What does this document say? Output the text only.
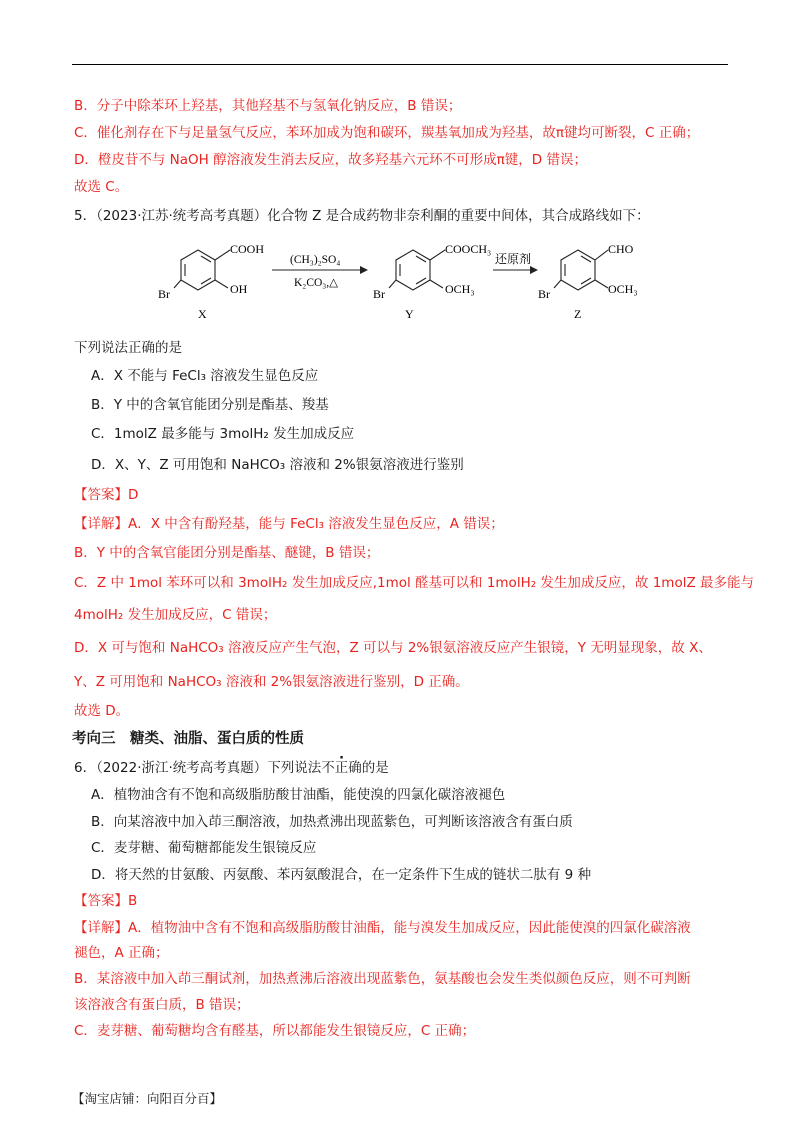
B．分子中除苯环上羟基，其他羟基不与氢氧化钠反应，B 错误；
C．催化剂存在下与足量氢气反应，苯环加成为饱和碳环，羰基氧加成为羟基，故π键均可断裂，C 正确；
D．橙皮苷不与 NaOH 醇溶液发生消去反应，故多羟基六元环不可形成π键，D 错误；
故选 C。
5．（2023·江苏·统考高考真题）化合物 Z 是合成药物非奈利酮的重要中间体，其合成路线如下：
COOH
OH
Br
X
(CH₃)₂SO₄
K₂CO₃,△
COOCH₃
OCH₃
Br
Y
还原剂
CHO
OCH₃
Br
Z
下列说法正确的是
A．X 不能与 FeCl₃ 溶液发生显色反应
B．Y 中的含氧官能团分别是酯基、羧基
C．1molZ 最多能与 3molH₂ 发生加成反应
D．X、Y、Z 可用饱和 NaHCO₃ 溶液和 2%银氨溶液进行鉴别
【答案】D
【详解】A．X 中含有酚羟基，能与 FeCl₃ 溶液发生显色反应，A 错误；
B．Y 中的含氧官能团分别是酯基、醚键，B 错误；
C．Z 中 1mol 苯环可以和 3molH₂ 发生加成反应,1mol 醛基可以和 1molH₂ 发生加成反应，故 1molZ 最多能与
4molH₂ 发生加成反应，C 错误；
D．X 可与饱和 NaHCO₃ 溶液反应产生气泡，Z 可以与 2%银氨溶液反应产生银镜，Y 无明显现象，故 X、
Y、Z 可用饱和 NaHCO₃ 溶液和 2%银氨溶液进行鉴别，D 正确。
故选 D。
考向三　糖类、油脂、蛋白质的性质
6．（2022·浙江·统考高考真题）下列说法不正确的是
A．植物油含有不饱和高级脂肪酸甘油酯，能使溴的四氯化碳溶液褪色
B．向某溶液中加入茚三酮溶液，加热煮沸出现蓝紫色，可判断该溶液含有蛋白质
C．麦芽糖、葡萄糖都能发生银镜反应
D．将天然的甘氨酸、丙氨酸、苯丙氨酸混合，在一定条件下生成的链状二肽有 9 种
【答案】B
【详解】A．植物油中含有不饱和高级脂肪酸甘油酯，能与溴发生加成反应，因此能使溴的四氯化碳溶液
褪色，A 正确；
B．某溶液中加入茚三酮试剂，加热煮沸后溶液出现蓝紫色，氨基酸也会发生类似颜色反应，则不可判断
该溶液含有蛋白质，B 错误；
C．麦芽糖、葡萄糖均含有醛基，所以都能发生银镜反应，C 正确；
【淘宝店铺：向阳百分百】
